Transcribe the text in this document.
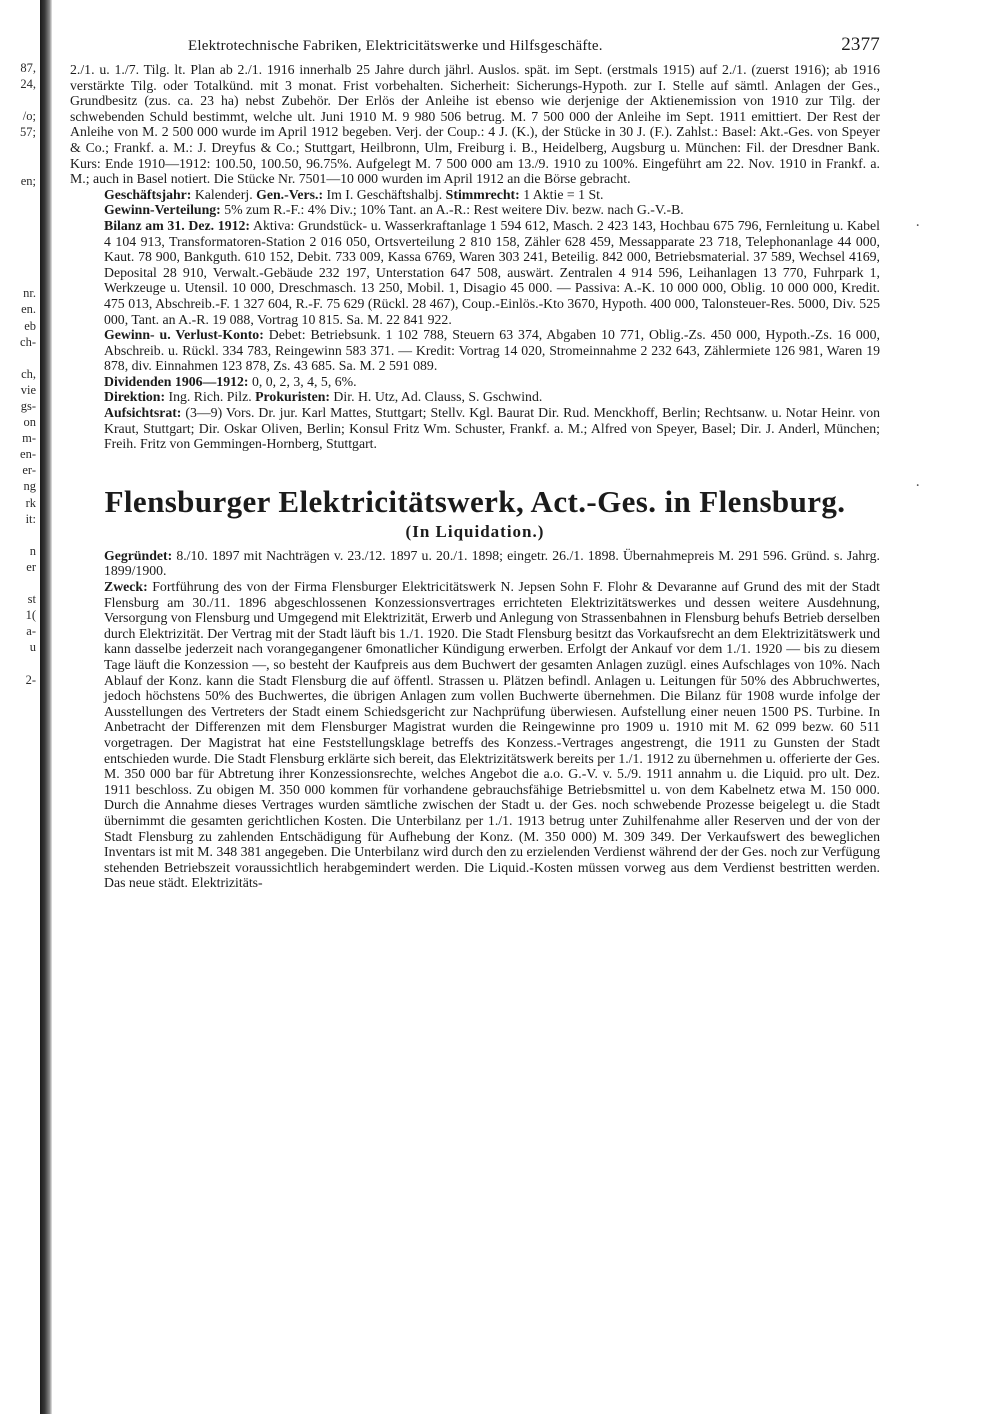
87,
24,
/o;
57;
en;
nr.
en.
eb
ch-
ch,
vie
gs-
on
m-
en-
er-
ng
rk
it:
n
er
st
1(
a-
u
2-
Elektrotechnische Fabriken, Elektricitätswerke und Hilfsgeschäfte.	2377

2./1. u. 1./7. Tilg. lt. Plan ab 2./1. 1916 innerhalb 25 Jahre durch jährl. Auslos. spät. im Sept. (erstmals 1915) auf 2./1. (zuerst 1916); ab 1916 verstärkte Tilg. oder Totalkünd. mit 3 monat. Frist vorbehalten. Sicherheit: Sicherungs-Hypoth. zur I. Stelle auf sämtl. Anlagen der Ges., Grundbesitz (zus. ca. 23 ha) nebst Zubehör. Der Erlös der Anleihe ist ebenso wie derjenige der Aktienemission von 1910 zur Tilg. der schwebenden Schuld bestimmt, welche ult. Juni 1910 M. 9 980 506 betrug. M. 7 500 000 der Anleihe im Sept. 1911 emittiert. Der Rest der Anleihe von M. 2 500 000 wurde im April 1912 begeben. Verj. der Coup.: 4 J. (K.), der Stücke in 30 J. (F.). Zahlst.: Basel: Akt.-Ges. von Speyer & Co.; Frankf. a. M.: J. Dreyfus & Co.; Stuttgart, Heilbronn, Ulm, Freiburg i. B., Heidelberg, Augsburg u. München: Fil. der Dresdner Bank. Kurs: Ende 1910—1912: 100.50, 100.50, 96.75%. Aufgelegt M. 7 500 000 am 13./9. 1910 zu 100%. Eingeführt am 22. Nov. 1910 in Frankf. a. M.; auch in Basel notiert. Die Stücke Nr. 7501—10 000 wurden im April 1912 an die Börse gebracht.

Geschäftsjahr: Kalenderj. Gen.-Vers.: Im I. Geschäftshalbj. Stimmrecht: 1 Aktie = 1 St.

Gewinn-Verteilung: 5% zum R.-F.: 4% Div.; 10% Tant. an A.-R.: Rest weitere Div. bezw. nach G.-V.-B.

Bilanz am 31. Dez. 1912: Aktiva: Grundstück- u. Wasserkraftanlage 1 594 612, Masch. 2 423 143, Hochbau 675 796, Fernleitung u. Kabel 4 104 913, Transformatoren-Station 2 016 050, Ortsverteilung 2 810 158, Zähler 628 459, Messapparate 23 718, Telephonanlage 44 000, Kaut. 78 900, Bankguth. 610 152, Debit. 733 009, Kassa 6769, Waren 303 241, Beteilig. 842 000, Betriebsmaterial. 37 589, Wechsel 4169, Deposital 28 910, Verwalt.-Gebäude 232 197, Unterstation 647 508, auswärt. Zentralen 4 914 596, Leihanlagen 13 770, Fuhrpark 1, Werkzeuge u. Utensil. 10 000, Dreschmasch. 13 250, Mobil. 1, Disagio 45 000. — Passiva: A.-K. 10 000 000, Oblig. 10 000 000, Kredit. 475 013, Abschreib.-F. 1 327 604, R.-F. 75 629 (Rückl. 28 467), Coup.-Einlös.-Kto 3670, Hypoth. 400 000, Talonsteuer-Res. 5000, Div. 525 000, Tant. an A.-R. 19 088, Vortrag 10 815. Sa. M. 22 841 922.

Gewinn- u. Verlust-Konto: Debet: Betriebsunk. 1 102 788, Steuern 63 374, Abgaben 10 771, Oblig.-Zs. 450 000, Hypoth.-Zs. 16 000, Abschreib. u. Rückl. 334 783, Reingewinn 583 371. — Kredit: Vortrag 14 020, Stromeinnahme 2 232 643, Zählermiete 126 981, Waren 19 878, div. Einnahmen 123 878, Zs. 43 685. Sa. M. 2 591 089.

Dividenden 1906—1912: 0, 0, 2, 3, 4, 5, 6%.

Direktion: Ing. Rich. Pilz. Prokuristen: Dir. H. Utz, Ad. Clauss, S. Gschwind.

Aufsichtsrat: (3—9) Vors. Dr. jur. Karl Mattes, Stuttgart; Stellv. Kgl. Baurat Dir. Rud. Menckhoff, Berlin; Rechtsanw. u. Notar Heinr. von Kraut, Stuttgart; Dir. Oskar Oliven, Berlin; Konsul Fritz Wm. Schuster, Frankf. a. M.; Alfred von Speyer, Basel; Dir. J. Anderl, München; Freih. Fritz von Gemmingen-Hornberg, Stuttgart.

Flensburger Elektricitätswerk, Act.-Ges. in Flensburg.
(In Liquidation.)

Gegründet: 8./10. 1897 mit Nachträgen v. 23./12. 1897 u. 20./1. 1898; eingetr. 26./1. 1898. Übernahmepreis M. 291 596. Gründ. s. Jahrg. 1899/1900.

Zweck: Fortführung des von der Firma Flensburger Elektricitätswerk N. Jepsen Sohn F. Flohr & Devaranne auf Grund des mit der Stadt Flensburg am 30./11. 1896 abgeschlossenen Konzessionsvertrages errichteten Elektrizitätswerkes und dessen weitere Ausdehnung, Versorgung von Flensburg und Umgegend mit Elektrizität, Erwerb und Anlegung von Strassenbahnen in Flensburg behufs Betrieb derselben durch Elektrizität. Der Vertrag mit der Stadt läuft bis 1./1. 1920. Die Stadt Flensburg besitzt das Vorkaufsrecht an dem Elektrizitätswerk und kann dasselbe jederzeit nach vorangegangener 6monatlicher Kündigung erwerben. Erfolgt der Ankauf vor dem 1./1. 1920 — bis zu diesem Tage läuft die Konzession —, so besteht der Kaufpreis aus dem Buchwert der gesamten Anlagen zuzügl. eines Aufschlages von 10%. Nach Ablauf der Konz. kann die Stadt Flensburg die auf öffentl. Strassen u. Plätzen befindl. Anlagen u. Leitungen für 50% des Abbruchwertes, jedoch höchstens 50% des Buchwertes, die übrigen Anlagen zum vollen Buchwerte übernehmen. Die Bilanz für 1908 wurde infolge der Ausstellungen des Vertreters der Stadt einem Schiedsgericht zur Nachprüfung überwiesen. Aufstellung einer neuen 1500 PS. Turbine. In Anbetracht der Differenzen mit dem Flensburger Magistrat wurden die Reingewinne pro 1909 u. 1910 mit M. 62 099 bezw. 60 511 vorgetragen. Der Magistrat hat eine Feststellungsklage betreffs des Konzess.-Vertrages angestrengt, die 1911 zu Gunsten der Stadt entschieden wurde. Die Stadt Flensburg erklärte sich bereit, das Elektrizitätswerk bereits per 1./1. 1912 zu übernehmen u. offerierte der Ges. M. 350 000 bar für Abtretung ihrer Konzessionsrechte, welches Angebot die a.o. G.-V. v. 5./9. 1911 annahm u. die Liquid. pro ult. Dez. 1911 beschloss. Zu obigen M. 350 000 kommen für vorhandene gebrauchsfähige Betriebsmittel u. von dem Kabelnetz etwa M. 150 000. Durch die Annahme dieses Vertrages wurden sämtliche zwischen der Stadt u. der Ges. noch schwebende Prozesse beigelegt u. die Stadt übernimmt die gesamten gerichtlichen Kosten. Die Unterbilanz per 1./1. 1913 betrug unter Zuhilfenahme aller Reserven und der von der Stadt Flensburg zu zahlenden Entschädigung für Aufhebung der Konz. (M. 350 000) M. 309 349. Der Verkaufswert des beweglichen Inventars ist mit M. 348 381 angegeben. Die Unterbilanz wird durch den zu erzielenden Verdienst während der der Ges. noch zur Verfügung stehenden Betriebszeit voraussichtlich herabgemindert werden. Die Liquid.-Kosten müssen vorweg aus dem Verdienst bestritten werden. Das neue städt. Elektrizitäts-

·
·
